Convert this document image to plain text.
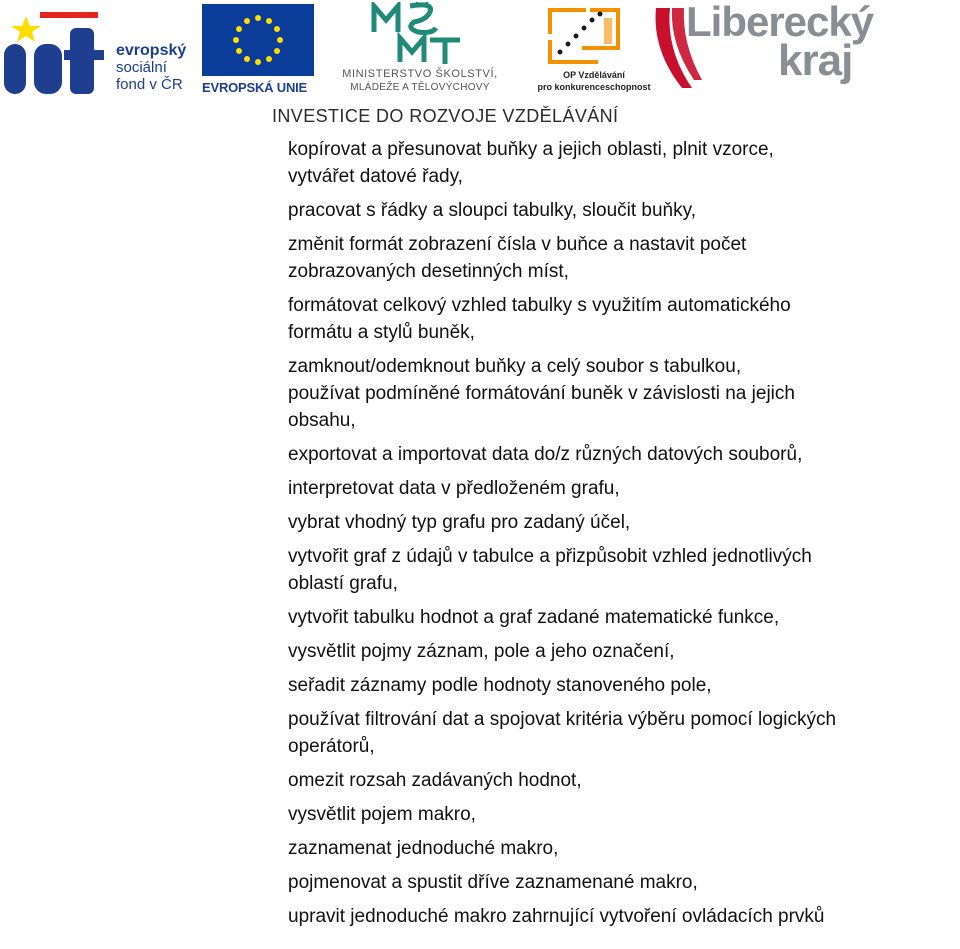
evropský
sociální
fond v ČR EVROPSKÁ UNIE
MINISTERSTVO ŠKOLSTVÍ,
MLÁDEŽE A TĚLOVÝCHOVY
OP Vzdělávání
pro konkurenceschopnost
Liberecký
kraj
INVESTICE DO ROZVOJE VZDĚLÁVÁNÍ
kopírovat a přesunovat buňky a jejich oblasti, plnit vzorce,
vytvářet datové řady,
pracovat s řádky a sloupci tabulky, sloučit buňky,
změnit formát zobrazení čísla v buňce a nastavit počet
zobrazovaných desetinných míst,
formátovat celkový vzhled tabulky s využitím automatického
formátu a stylů buněk,
zamknout/odemknout buňky a celý soubor s tabulkou,
používat podmíněné formátování buněk v závislosti na jejich
obsahu,
exportovat a importovat data do/z různých datových souborů,
interpretovat data v předloženém grafu,
vybrat vhodný typ grafu pro zadaný účel,
vytvořit graf z údajů v tabulce a přizpůsobit vzhled jednotlivých
oblastí grafu,
vytvořit tabulku hodnot a graf zadané matematické funkce,
vysvětlit pojmy záznam, pole a jeho označení,
seřadit záznamy podle hodnoty stanoveného pole,
používat filtrování dat a spojovat kritéria výběru pomocí logických
operátorů,
omezit rozsah zadávaných hodnot,
vysvětlit pojem makro,
zaznamenat jednoduché makro,
pojmenovat a spustit dříve zaznamenané makro,
upravit jednoduché makro zahrnující vytvoření ovládacích prvků
